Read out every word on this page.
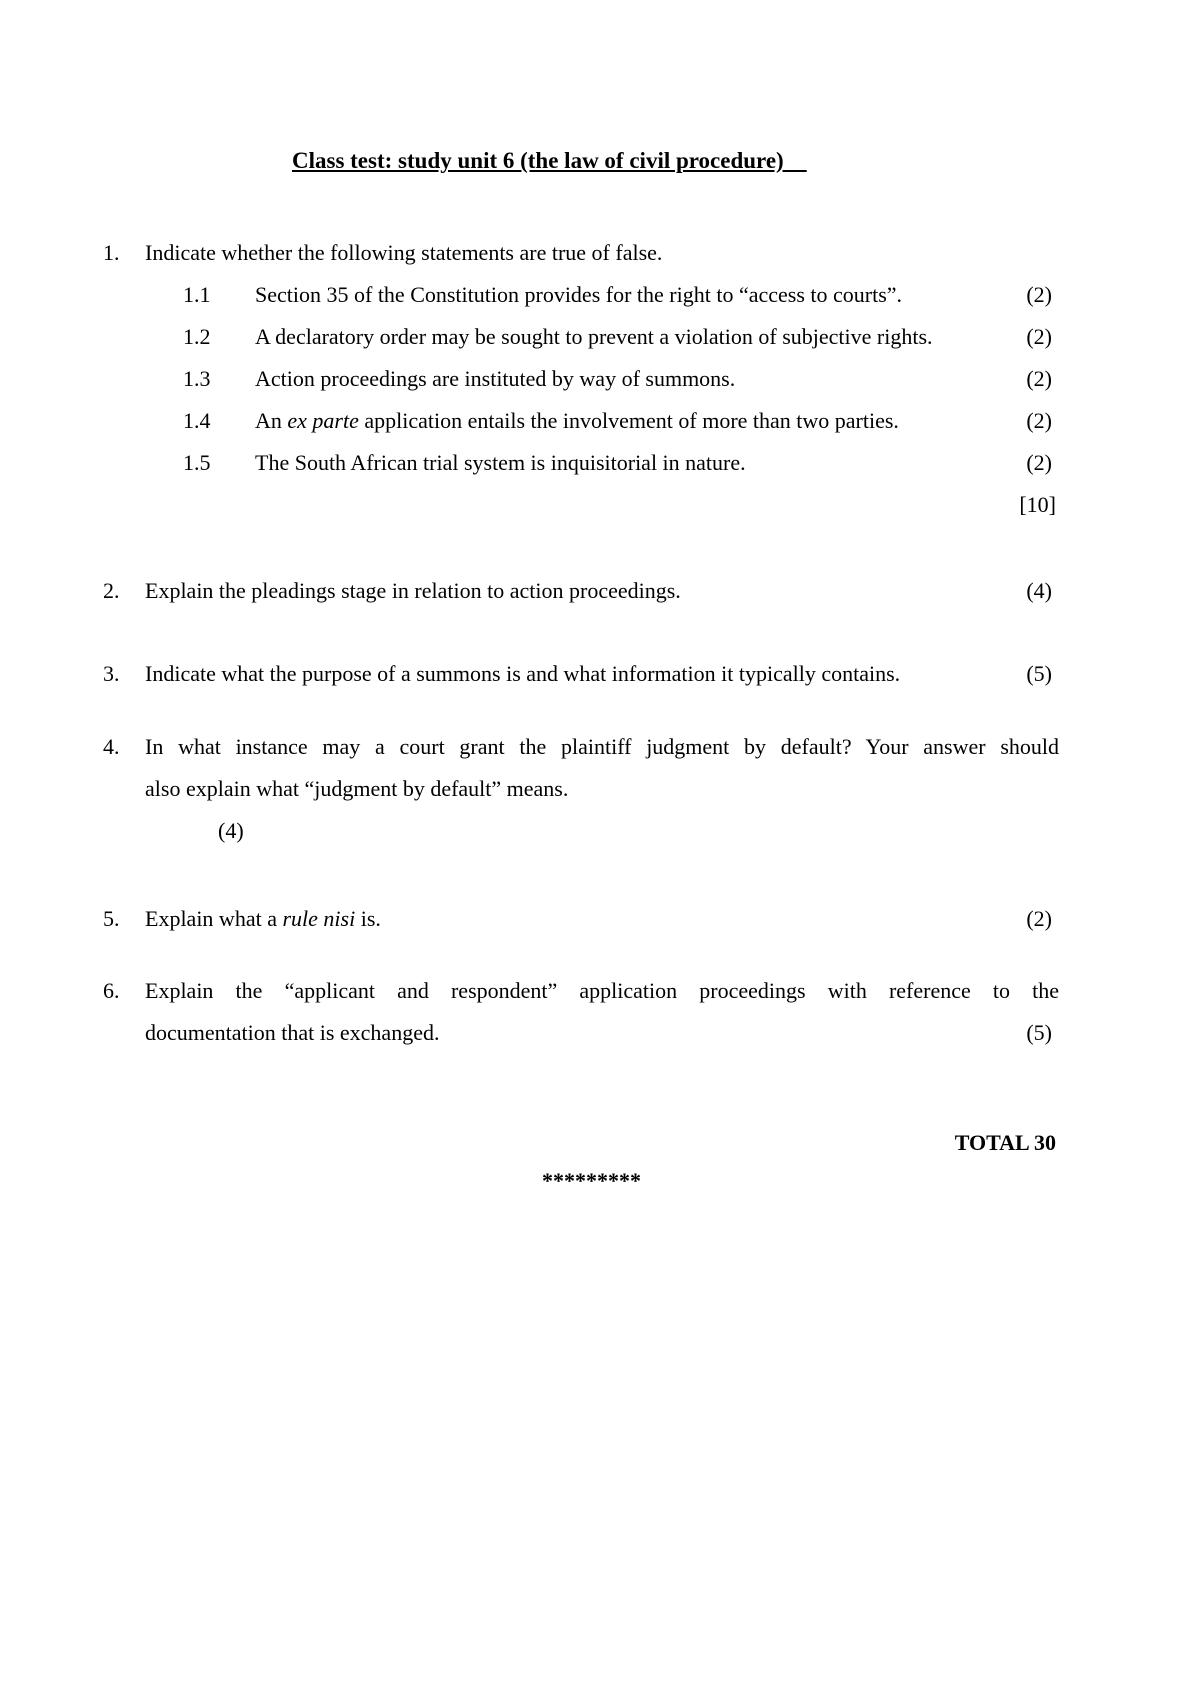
Class test: study unit 6 (the law of civil procedure)
1. Indicate whether the following statements are true of false.
1.1 Section 35 of the Constitution provides for the right to “access to courts”.	(2)
1.2 A declaratory order may be sought to prevent a violation of subjective rights.	(2)
1.3 Action proceedings are instituted by way of summons.	(2)
1.4 An ex parte application entails the involvement of more than two parties.	(2)
1.5 The South African trial system is inquisitorial in nature.	(2)
[10]
2. Explain the pleadings stage in relation to action proceedings.	(4)
3. Indicate what the purpose of a summons is and what information it typically contains.	(5)
4. In what instance may a court grant the plaintiff judgment by default? Your answer should
also explain what “judgment by default” means.
(4)
5. Explain what a rule nisi is.	(2)
6. Explain the “applicant and respondent” application proceedings with reference to the
documentation that is exchanged.	(5)
TOTAL 30
*********
